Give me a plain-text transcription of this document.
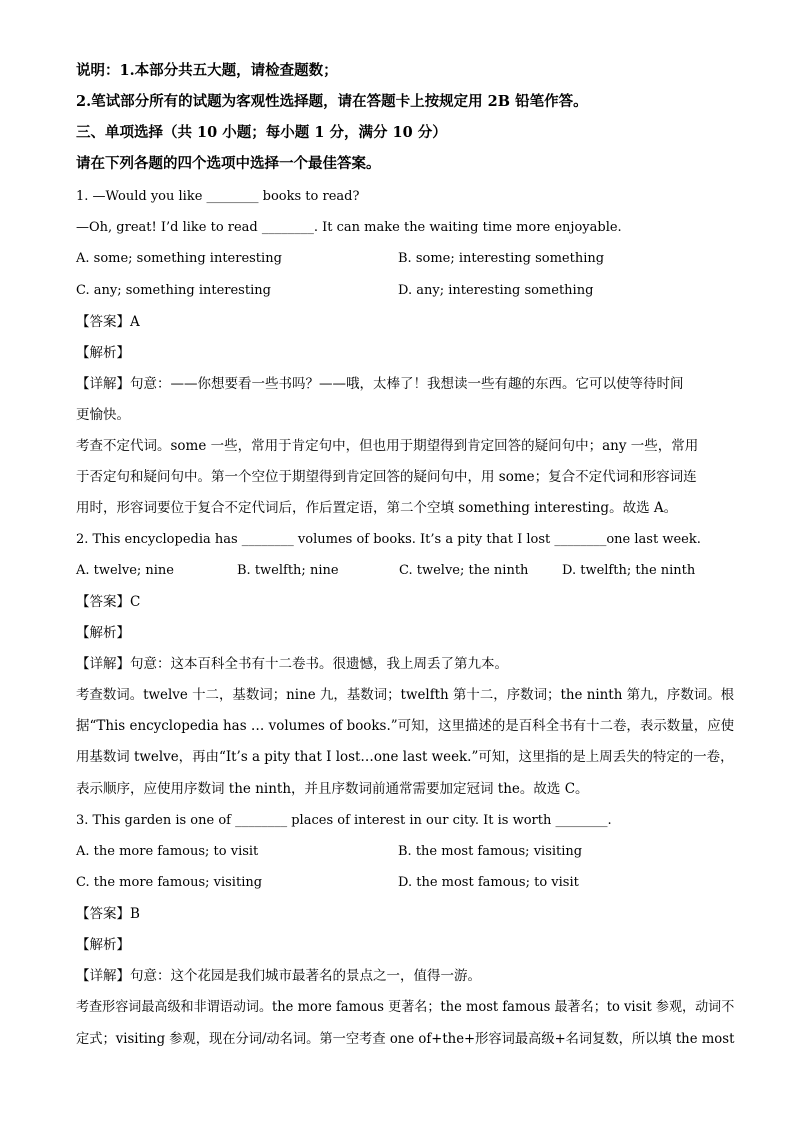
说明：1.本部分共五大题，请检查题数；
2.笔试部分所有的试题为客观性选择题，请在答题卡上按规定用 2B 铅笔作答。
三、单项选择（共 10 小题；每小题 1 分，满分 10 分）
请在下列各题的四个选项中选择一个最佳答案。
1. —Would you like ________ books to read?
—Oh, great! I’d like to read ________. It can make the waiting time more enjoyable.
A. some; something interesting	B. some; interesting something
C. any; something interesting	D. any; interesting something
【答案】A
【解析】
【详解】句意：——你想要看一些书吗？——哦，太棒了！我想读一些有趣的东西。它可以使等待时间
更愉快。
考查不定代词。some 一些，常用于肯定句中，但也用于期望得到肯定回答的疑问句中；any 一些，常用
于否定句和疑问句中。第一个空位于期望得到肯定回答的疑问句中，用 some；复合不定代词和形容词连
用时，形容词要位于复合不定代词后，作后置定语，第二个空填 something interesting。故选 A。
2. This encyclopedia has ________ volumes of books. It’s a pity that I lost ________one last week.
A. twelve; nine	B. twelfth; nine	C. twelve; the ninth	D. twelfth; the ninth
【答案】C
【解析】
【详解】句意：这本百科全书有十二卷书。很遗憾，我上周丢了第九本。
考查数词。twelve 十二，基数词；nine 九，基数词；twelfth 第十二，序数词；the ninth 第九，序数词。根
据“This encyclopedia has … volumes of books.”可知，这里描述的是百科全书有十二卷，表示数量，应使
用基数词 twelve，再由“It’s a pity that I lost…one last week.”可知，这里指的是上周丢失的特定的一卷，
表示顺序，应使用序数词 the ninth，并且序数词前通常需要加定冠词 the。故选 C。
3. This garden is one of ________ places of interest in our city. It is worth ________.
A. the more famous; to visit	B. the most famous; visiting
C. the more famous; visiting	D. the most famous; to visit
【答案】B
【解析】
【详解】句意：这个花园是我们城市最著名的景点之一，值得一游。
考查形容词最高级和非谓语动词。the more famous 更著名；the most famous 最著名；to visit 参观，动词不
定式；visiting 参观，现在分词/动名词。第一空考查 one of+the+形容词最高级+名词复数，所以填 the most
